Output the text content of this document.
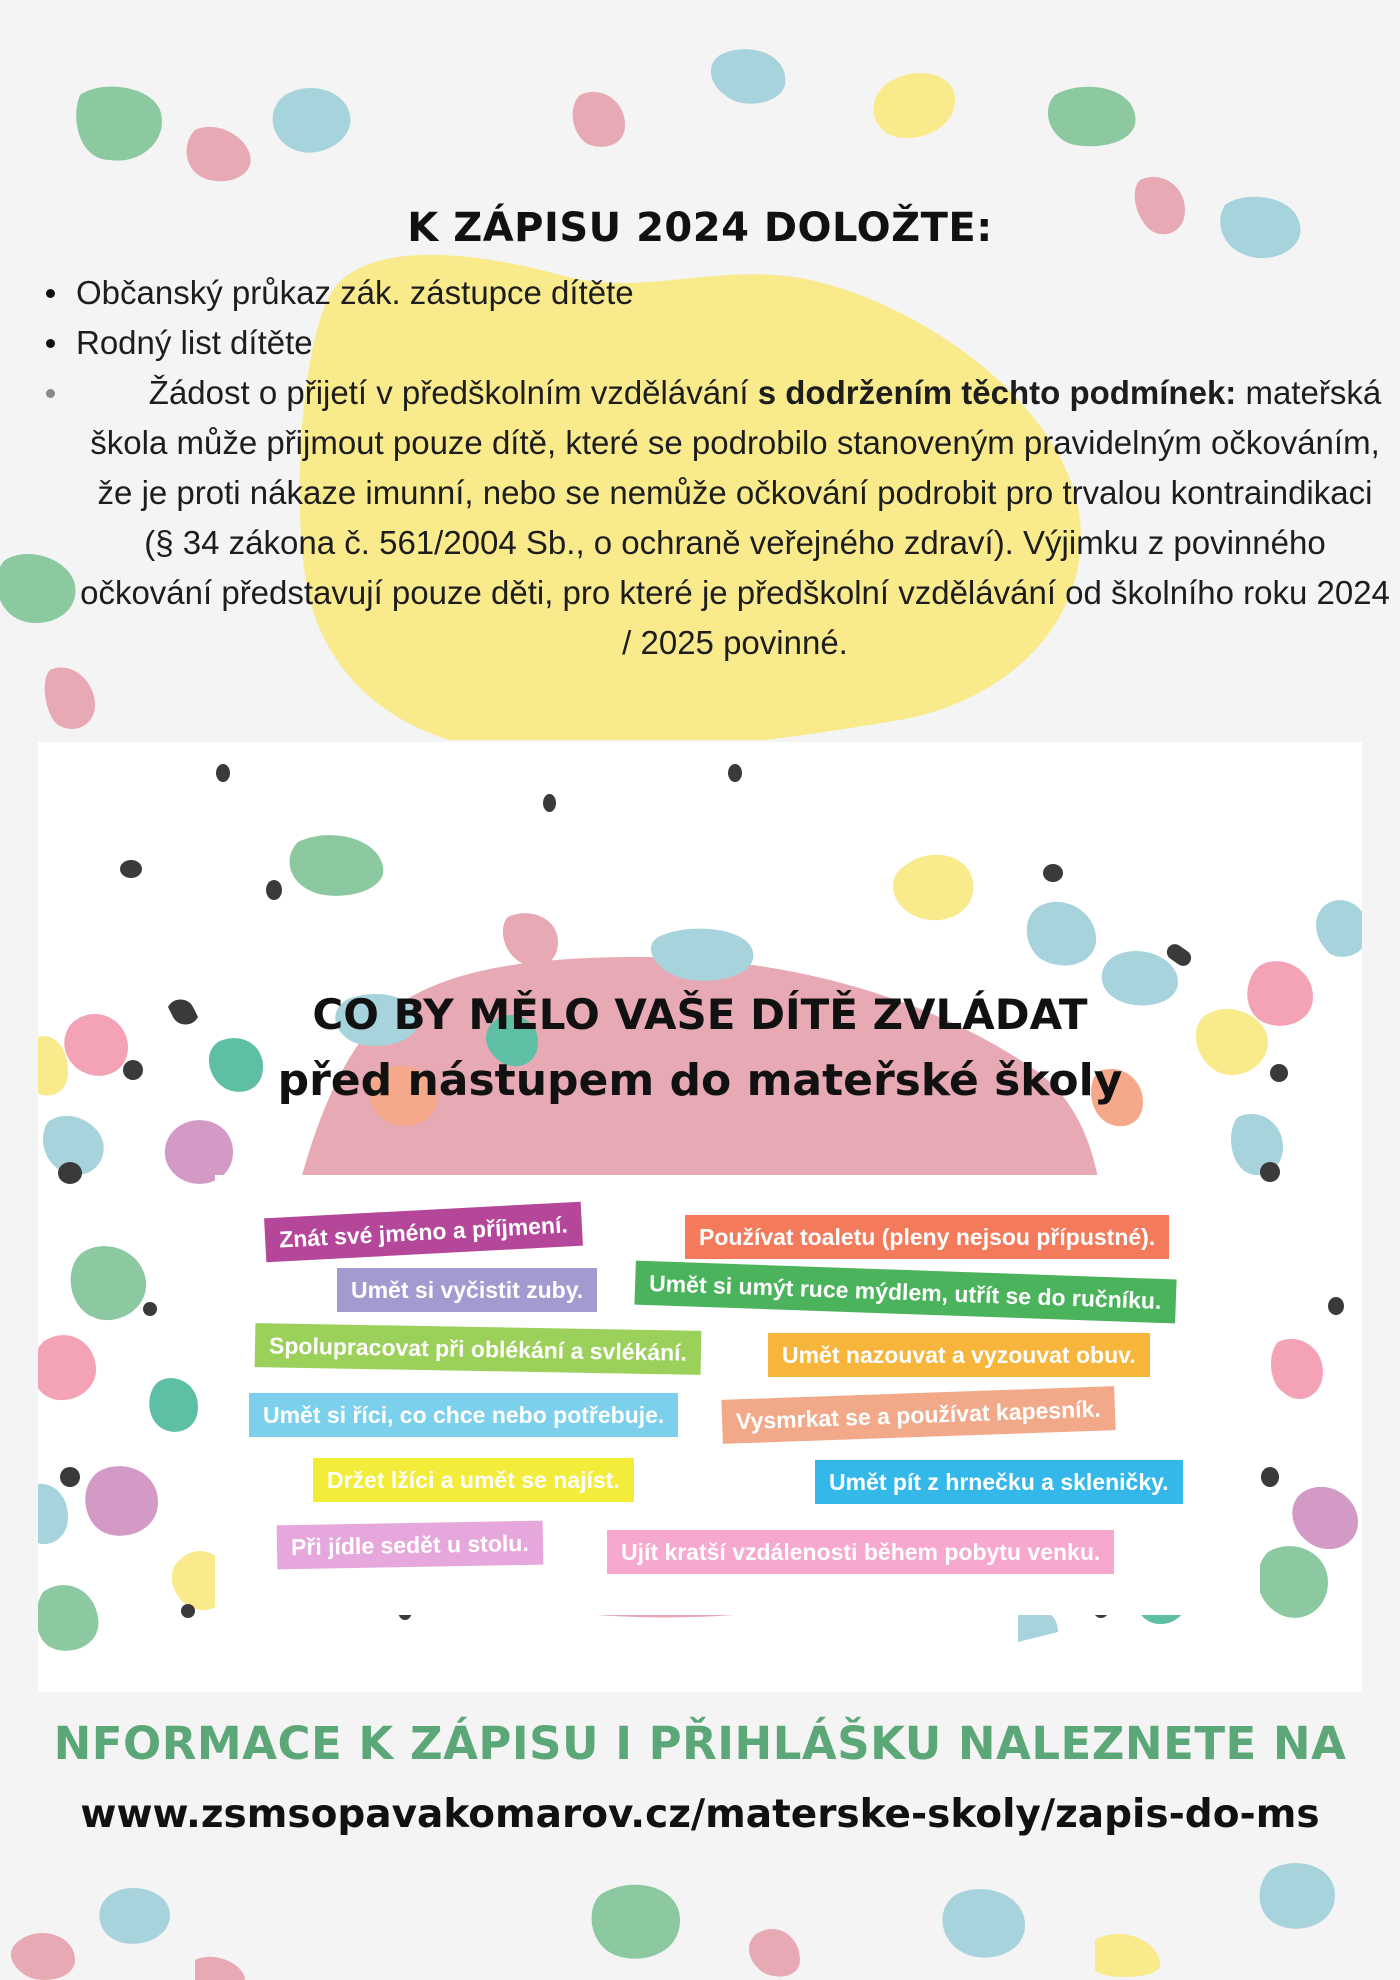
K ZÁPISU 2024 DOLOŽTE:
Občanský průkaz zák. zástupce dítěte
Rodný list dítěte
Žádost o přijetí v předškolním vzdělávání s dodržením těchto podmínek: mateřská škola může přijmout pouze dítě, které se podrobilo stanoveným pravidelným očkováním, že je proti nákaze imunní, nebo se nemůže očkování podrobit pro trvalou kontraindikaci (§ 34 zákona č. 561/2004 Sb., o ochraně veřejného zdraví). Výjimku z povinného očkování představují pouze děti, pro které je předškolní vzdělávání od školního roku 2024 / 2025 povinné.
CO BY MĚLO VAŠE DÍTĚ ZVLÁDAT
před nástupem do mateřské školy
Znát své jméno a příjmení.	Používat toaletu (pleny nejsou přípustné).
Umět si vyčistit zuby.	Umět si umýt ruce mýdlem, utřít se do ručníku.
Spolupracovat při oblékání a svlékání.	Umět nazouvat a vyzouvat obuv.
Umět si říci, co chce nebo potřebuje.	Vysmrkat se a používat kapesník.
Držet lžíci a umět se najíst.	Umět pít z hrnečku a skleničky.
Při jídle sedět u stolu.	Ujít kratší vzdálenosti během pobytu venku.
NFORMACE K ZÁPISU I PŘIHLÁŠKU NALEZNETE NA
www.zsmsopavakomarov.cz/materske-skoly/zapis-do-ms
